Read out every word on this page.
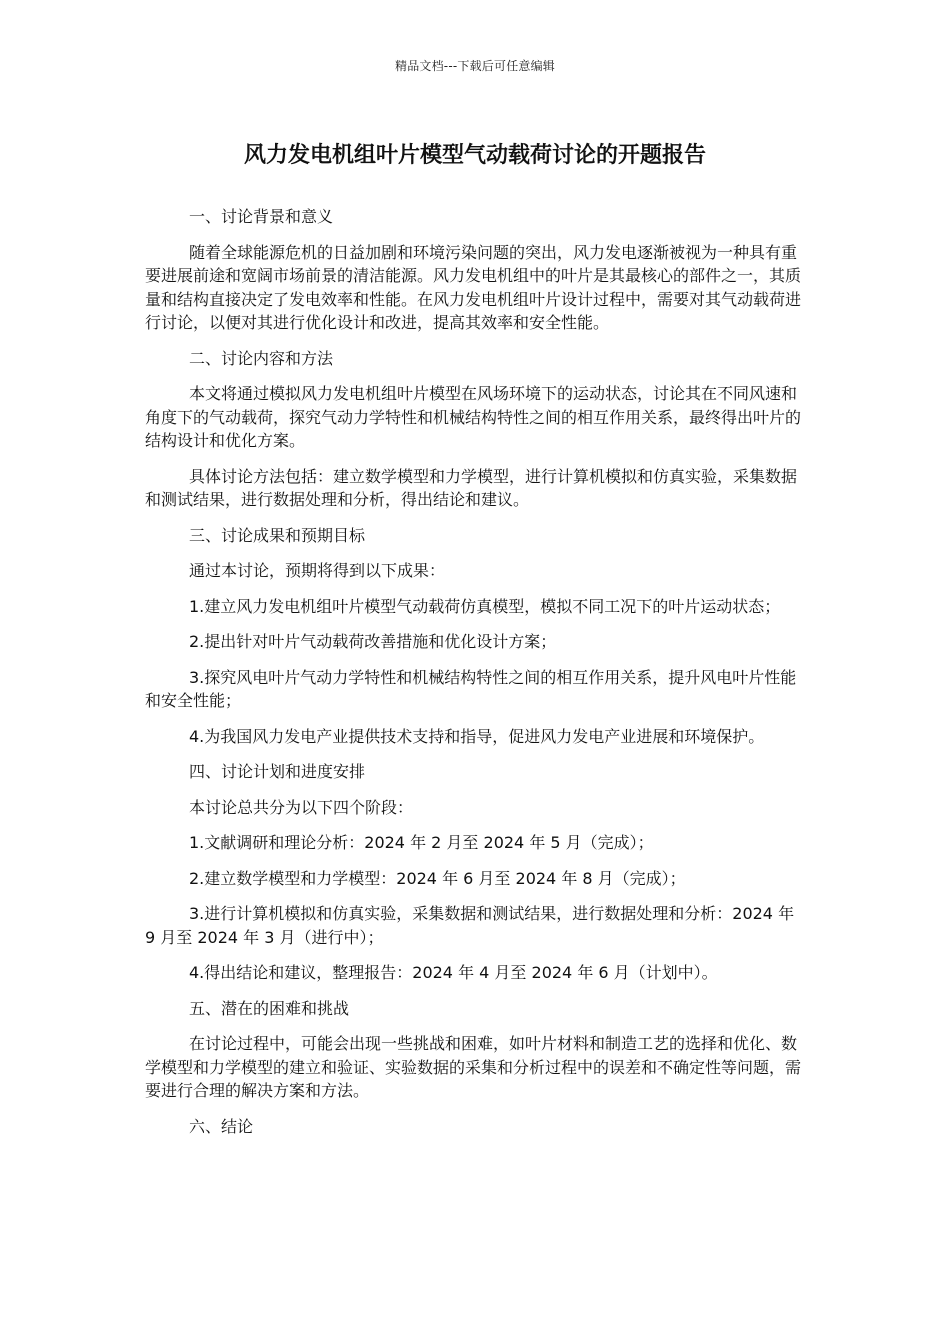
精品文档---下载后可任意编辑
风力发电机组叶片模型气动载荷讨论的开题报告

一、讨论背景和意义

随着全球能源危机的日益加剧和环境污染问题的突出，风力发电逐渐被视为一种具有重要进展前途和宽阔市场前景的清洁能源。风力发电机组中的叶片是其最核心的部件之一，其质量和结构直接决定了发电效率和性能。在风力发电机组叶片设计过程中，需要对其气动载荷进行讨论，以便对其进行优化设计和改进，提高其效率和安全性能。

二、讨论内容和方法

本文将通过模拟风力发电机组叶片模型在风场环境下的运动状态，讨论其在不同风速和角度下的气动载荷，探究气动力学特性和机械结构特性之间的相互作用关系，最终得出叶片的结构设计和优化方案。

具体讨论方法包括：建立数学模型和力学模型，进行计算机模拟和仿真实验，采集数据和测试结果，进行数据处理和分析，得出结论和建议。

三、讨论成果和预期目标

通过本讨论，预期将得到以下成果：

1.建立风力发电机组叶片模型气动载荷仿真模型，模拟不同工况下的叶片运动状态；

2.提出针对叶片气动载荷改善措施和优化设计方案；

3.探究风电叶片气动力学特性和机械结构特性之间的相互作用关系，提升风电叶片性能和安全性能；

4.为我国风力发电产业提供技术支持和指导，促进风力发电产业进展和环境保护。

四、讨论计划和进度安排

本讨论总共分为以下四个阶段：

1.文献调研和理论分析：2024 年 2 月至 2024 年 5 月（完成）；

2.建立数学模型和力学模型：2024 年 6 月至 2024 年 8 月（完成）；

3.进行计算机模拟和仿真实验，采集数据和测试结果，进行数据处理和分析：2024 年 9 月至 2024 年 3 月（进行中）；

4.得出结论和建议，整理报告：2024 年 4 月至 2024 年 6 月（计划中）。

五、潜在的困难和挑战

在讨论过程中，可能会出现一些挑战和困难，如叶片材料和制造工艺的选择和优化、数学模型和力学模型的建立和验证、实验数据的采集和分析过程中的误差和不确定性等问题，需要进行合理的解决方案和方法。

六、结论
